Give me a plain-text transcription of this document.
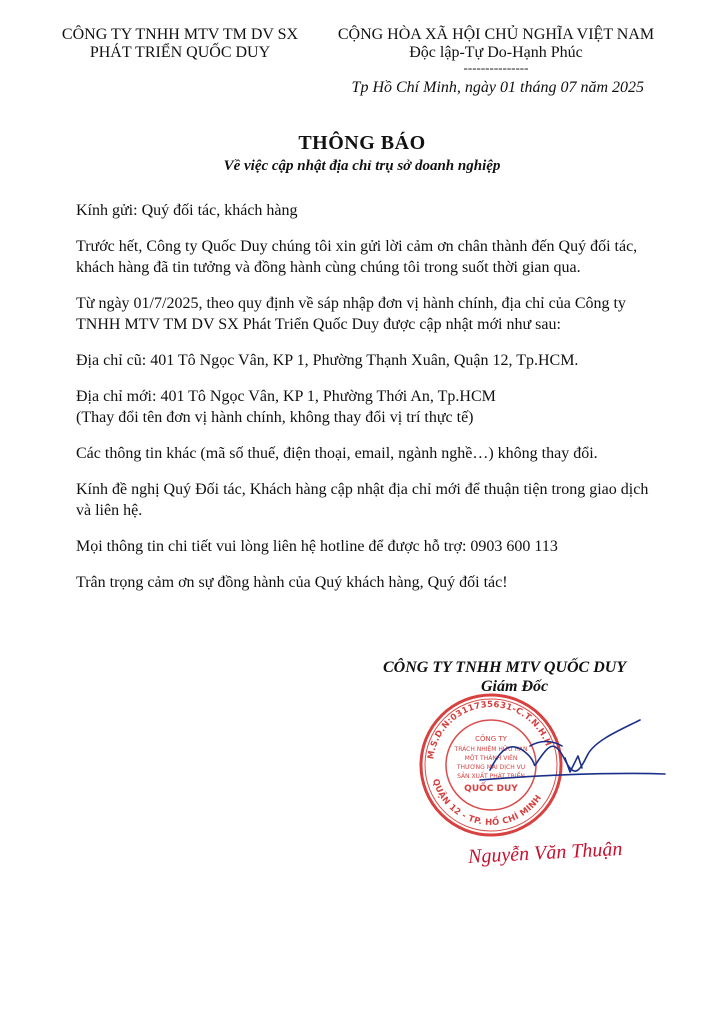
CÔNG TY TNHH MTV TM DV SX
PHÁT TRIỂN QUỐC DUY
CỘNG HÒA XÃ HỘI CHỦ NGHĨA VIỆT NAM
Độc lập-Tự Do-Hạnh Phúc
---------------
Tp Hồ Chí Minh, ngày 01 tháng 07 năm 2025
THÔNG BÁO
Về việc cập nhật địa chỉ trụ sở doanh nghiệp

Kính gửi: Quý đối tác, khách hàng

Trước hết, Công ty Quốc Duy chúng tôi xin gửi lời cảm ơn chân thành đến Quý đối tác, khách hàng đã tin tưởng và đồng hành cùng chúng tôi trong suốt thời gian qua.

Từ ngày 01/7/2025, theo quy định về sáp nhập đơn vị hành chính, địa chỉ của Công ty TNHH MTV TM DV SX Phát Triển Quốc Duy được cập nhật mới như sau:

Địa chỉ cũ: 401 Tô Ngọc Vân, KP 1, Phường Thạnh Xuân, Quận 12, Tp.HCM.

Địa chỉ mới: 401 Tô Ngọc Vân, KP 1, Phường Thới An, Tp.HCM
(Thay đổi tên đơn vị hành chính, không thay đổi vị trí thực tế)

Các thông tin khác (mã số thuế, điện thoại, email, ngành nghề…) không thay đổi.

Kính đề nghị Quý Đối tác, Khách hàng cập nhật địa chỉ mới để thuận tiện trong giao dịch và liên hệ.

Mọi thông tin chi tiết vui lòng liên hệ hotline để được hỗ trợ: 0903 600 113

Trân trọng cảm ơn sự đồng hành của Quý khách hàng, Quý đối tác!

CÔNG TY TNHH MTV QUỐC DUY
Giám Đốc
M.S.D.N:0311735631-C.T.N.H.H
QUẬN 12 - TP. HỒ CHÍ MINH
CÔNG TY
TRÁCH NHIỆM HỮU HẠN
MỘT THÀNH VIÊN
THƯƠNG MẠI DỊCH VỤ
SẢN XUẤT PHÁT TRIỂN
QUỐC DUY
Nguyễn Văn Thuận
